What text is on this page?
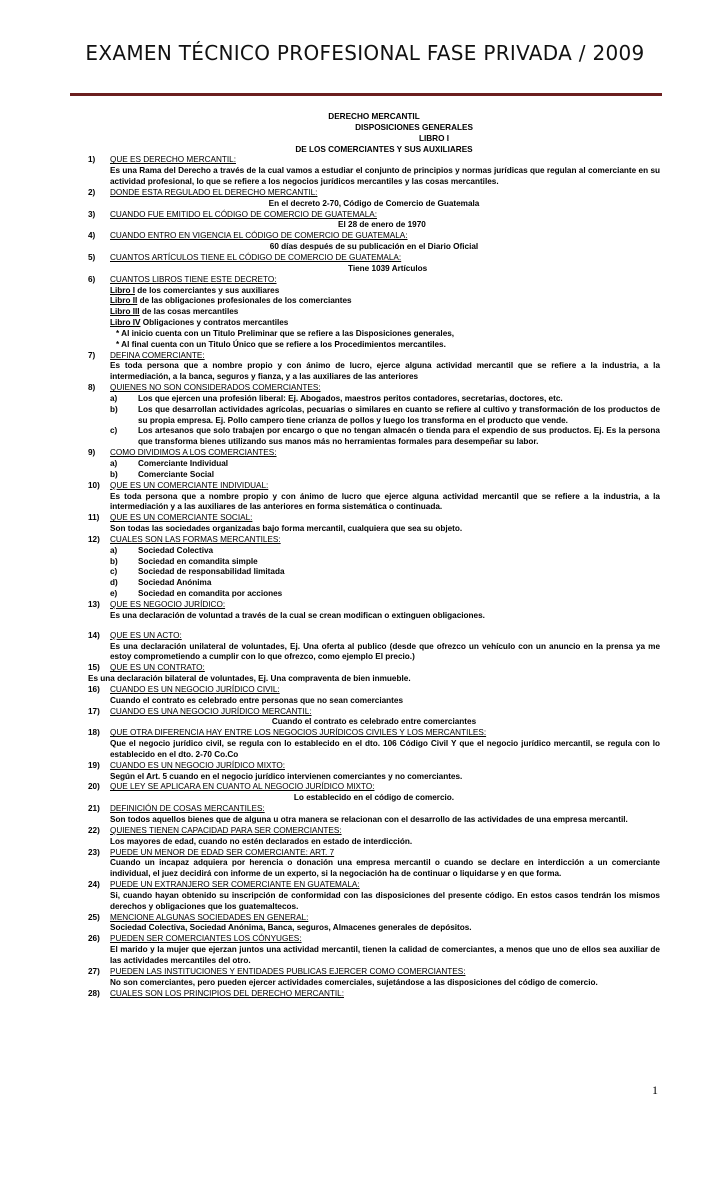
EXAMEN TÉCNICO PROFESIONAL FASE PRIVADA / 2009
DERECHO MERCANTIL
DISPOSICIONES GENERALES
LIBRO I
DE LOS COMERCIANTES Y SUS AUXILIARES
1) QUE ES DERECHO MERCANTIL:
Es una Rama del Derecho a través de la cual vamos a estudiar el conjunto de principios y normas jurídicas que regulan al comerciante en su actividad profesional, lo que se refiere a los negocios jurídicos mercantiles y las cosas mercantiles.
2) DONDE ESTA REGULADO EL DERECHO MERCANTIL:
En el decreto 2-70, Código de Comercio de Guatemala
3) CUANDO FUE EMITIDO EL CÓDIGO DE COMERCIO DE GUATEMALA:
El 28 de enero de 1970
4) CUANDO ENTRO EN VIGENCIA EL CÓDIGO DE COMERCIO DE GUATEMALA:
60 días después de su publicación en el Diario Oficial
5) CUANTOS ARTÍCULOS TIENE EL CÓDIGO DE COMERCIO DE GUATEMALA:
Tiene 1039 Artículos
6) CUANTOS LIBROS TIENE ESTE DECRETO:
Libro I de los comerciantes y sus auxiliares
Libro II de las obligaciones profesionales de los comerciantes
Libro III de las cosas mercantiles
Libro IV Obligaciones y contratos mercantiles
* Al inicio cuenta con un Titulo Preliminar que se refiere a las Disposiciones generales,
* Al final cuenta con un Titulo Único que se refiere a los Procedimientos mercantiles.
7) DEFINA COMERCIANTE:
Es toda persona que a nombre propio y con ánimo de lucro, ejerce alguna actividad mercantil que se refiere a la industria, a la intermediación, a la banca, seguros y fianza, y a las auxiliares de las anteriores
8) QUIENES NO SON CONSIDERADOS COMERCIANTES:
a)	Los que ejercen una profesión liberal: Ej. Abogados, maestros peritos contadores, secretarias, doctores, etc.
b) Los que desarrollan actividades agrícolas, pecuarias o similares en cuanto se refiere al cultivo y transformación de los productos de su propia empresa. Ej. Pollo campero tiene crianza de pollos y luego los transforma en el producto que vende.
c)	Los artesanos que solo trabajen por encargo o que no tengan almacén o tienda para el expendio de sus productos. Ej. Es la persona que transforma bienes utilizando sus manos más no herramientas formales para desempeñar su labor.
9) COMO DIVIDIMOS A LOS COMERCIANTES:
a)	Comerciante Individual
b) Comerciante Social
10) QUE ES UN COMERCIANTE INDIVIDUAL:
Es toda persona que a nombre propio y con ánimo de lucro que ejerce alguna actividad mercantil que se refiere a la industria, a la intermediación y a las auxiliares de las anteriores en forma sistemática o continuada.
11) QUE ES UN COMERCIANTE SOCIAL:
Son todas las sociedades organizadas bajo forma mercantil, cualquiera que sea su objeto.
12) CUALES SON LAS FORMAS MERCANTILES:
a)	Sociedad Colectiva
b) Sociedad en comandita simple
c)	Sociedad de responsabilidad limitada
d) Sociedad Anónima
e)	Sociedad en comandita por acciones
13) QUE ES NEGOCIO JURÍDICO:
Es una declaración de voluntad a través de la cual se crean modifican o extinguen obligaciones.
14) QUE ES UN ACTO:
Es una declaración unilateral de voluntades, Ej. Una oferta al publico (desde que ofrezco un vehículo con un anuncio en la prensa ya me estoy comprometiendo a cumplir con lo que ofrezco, como ejemplo El precio.)
15) QUE ES UN CONTRATO:
Es una declaración bilateral de voluntades, Ej. Una compraventa de bien inmueble.
16) CUANDO ES UN NEGOCIO JURÍDICO CIVIL:
Cuando el contrato es celebrado entre personas que no sean comerciantes
17) CUANDO ES UNA NEGOCIO JURÍDICO MERCANTIL:
Cuando el contrato es celebrado entre comerciantes
18) QUE OTRA DIFERENCIA HAY ENTRE LOS NEGOCIOS JURÍDICOS CIVILES Y LOS MERCANTILES:
Que el negocio jurídico civil, se regula con lo establecido en el dto. 106 Código Civil Y que el negocio jurídico mercantil, se regula con lo establecido en el dto. 2-70 Co.Co
19) CUANDO ES UN NEGOCIO JURÍDICO MIXTO:
Según el Art. 5 cuando en el negocio jurídico intervienen comerciantes y no comerciantes.
20) QUE LEY SE APLICARA EN CUANTO AL NEGOCIO JURÍDICO MIXTO:
Lo establecido en el código de comercio.
21) DEFINICIÓN DE COSAS MERCANTILES:
Son todos aquellos bienes que de alguna u otra manera se relacionan con el desarrollo de las actividades de una empresa mercantil.
22) QUIENES TIENEN CAPACIDAD PARA SER COMERCIANTES:
Los mayores de edad, cuando no estén declarados en estado de interdicción.
23) PUEDE UN MENOR DE EDAD SER COMERCIANTE: ART. 7
Cuando un incapaz adquiera por herencia o donación una empresa mercantil o cuando se declare en interdicción a un comerciante individual, el juez decidirá con informe de un experto, si la negociación ha de continuar o liquidarse y en que forma.
24) PUEDE UN EXTRANJERO SER COMERCIANTE EN GUATEMALA:
Si, cuando hayan obtenido su inscripción de conformidad con las disposiciones del presente código. En estos casos tendrán los mismos derechos y obligaciones que los guatemaltecos.
25) MENCIONE ALGUNAS SOCIEDADES EN GENERAL:
Sociedad Colectiva, Sociedad Anónima, Banca, seguros, Almacenes generales de depósitos.
26) PUEDEN SER COMERCIANTES LOS CÓNYUGES:
El marido y la mujer que ejerzan juntos una actividad mercantil, tienen la calidad de comerciantes, a menos que uno de ellos sea auxiliar de las actividades mercantiles del otro.
27) PUEDEN LAS INSTITUCIONES Y ENTIDADES PUBLICAS EJERCER COMO COMERCIANTES:
No son comerciantes, pero pueden ejercer actividades comerciales, sujetándose a las disposiciones del código de comercio.
28) CUALES SON LOS PRINCIPIOS DEL DERECHO MERCANTIL:
1
